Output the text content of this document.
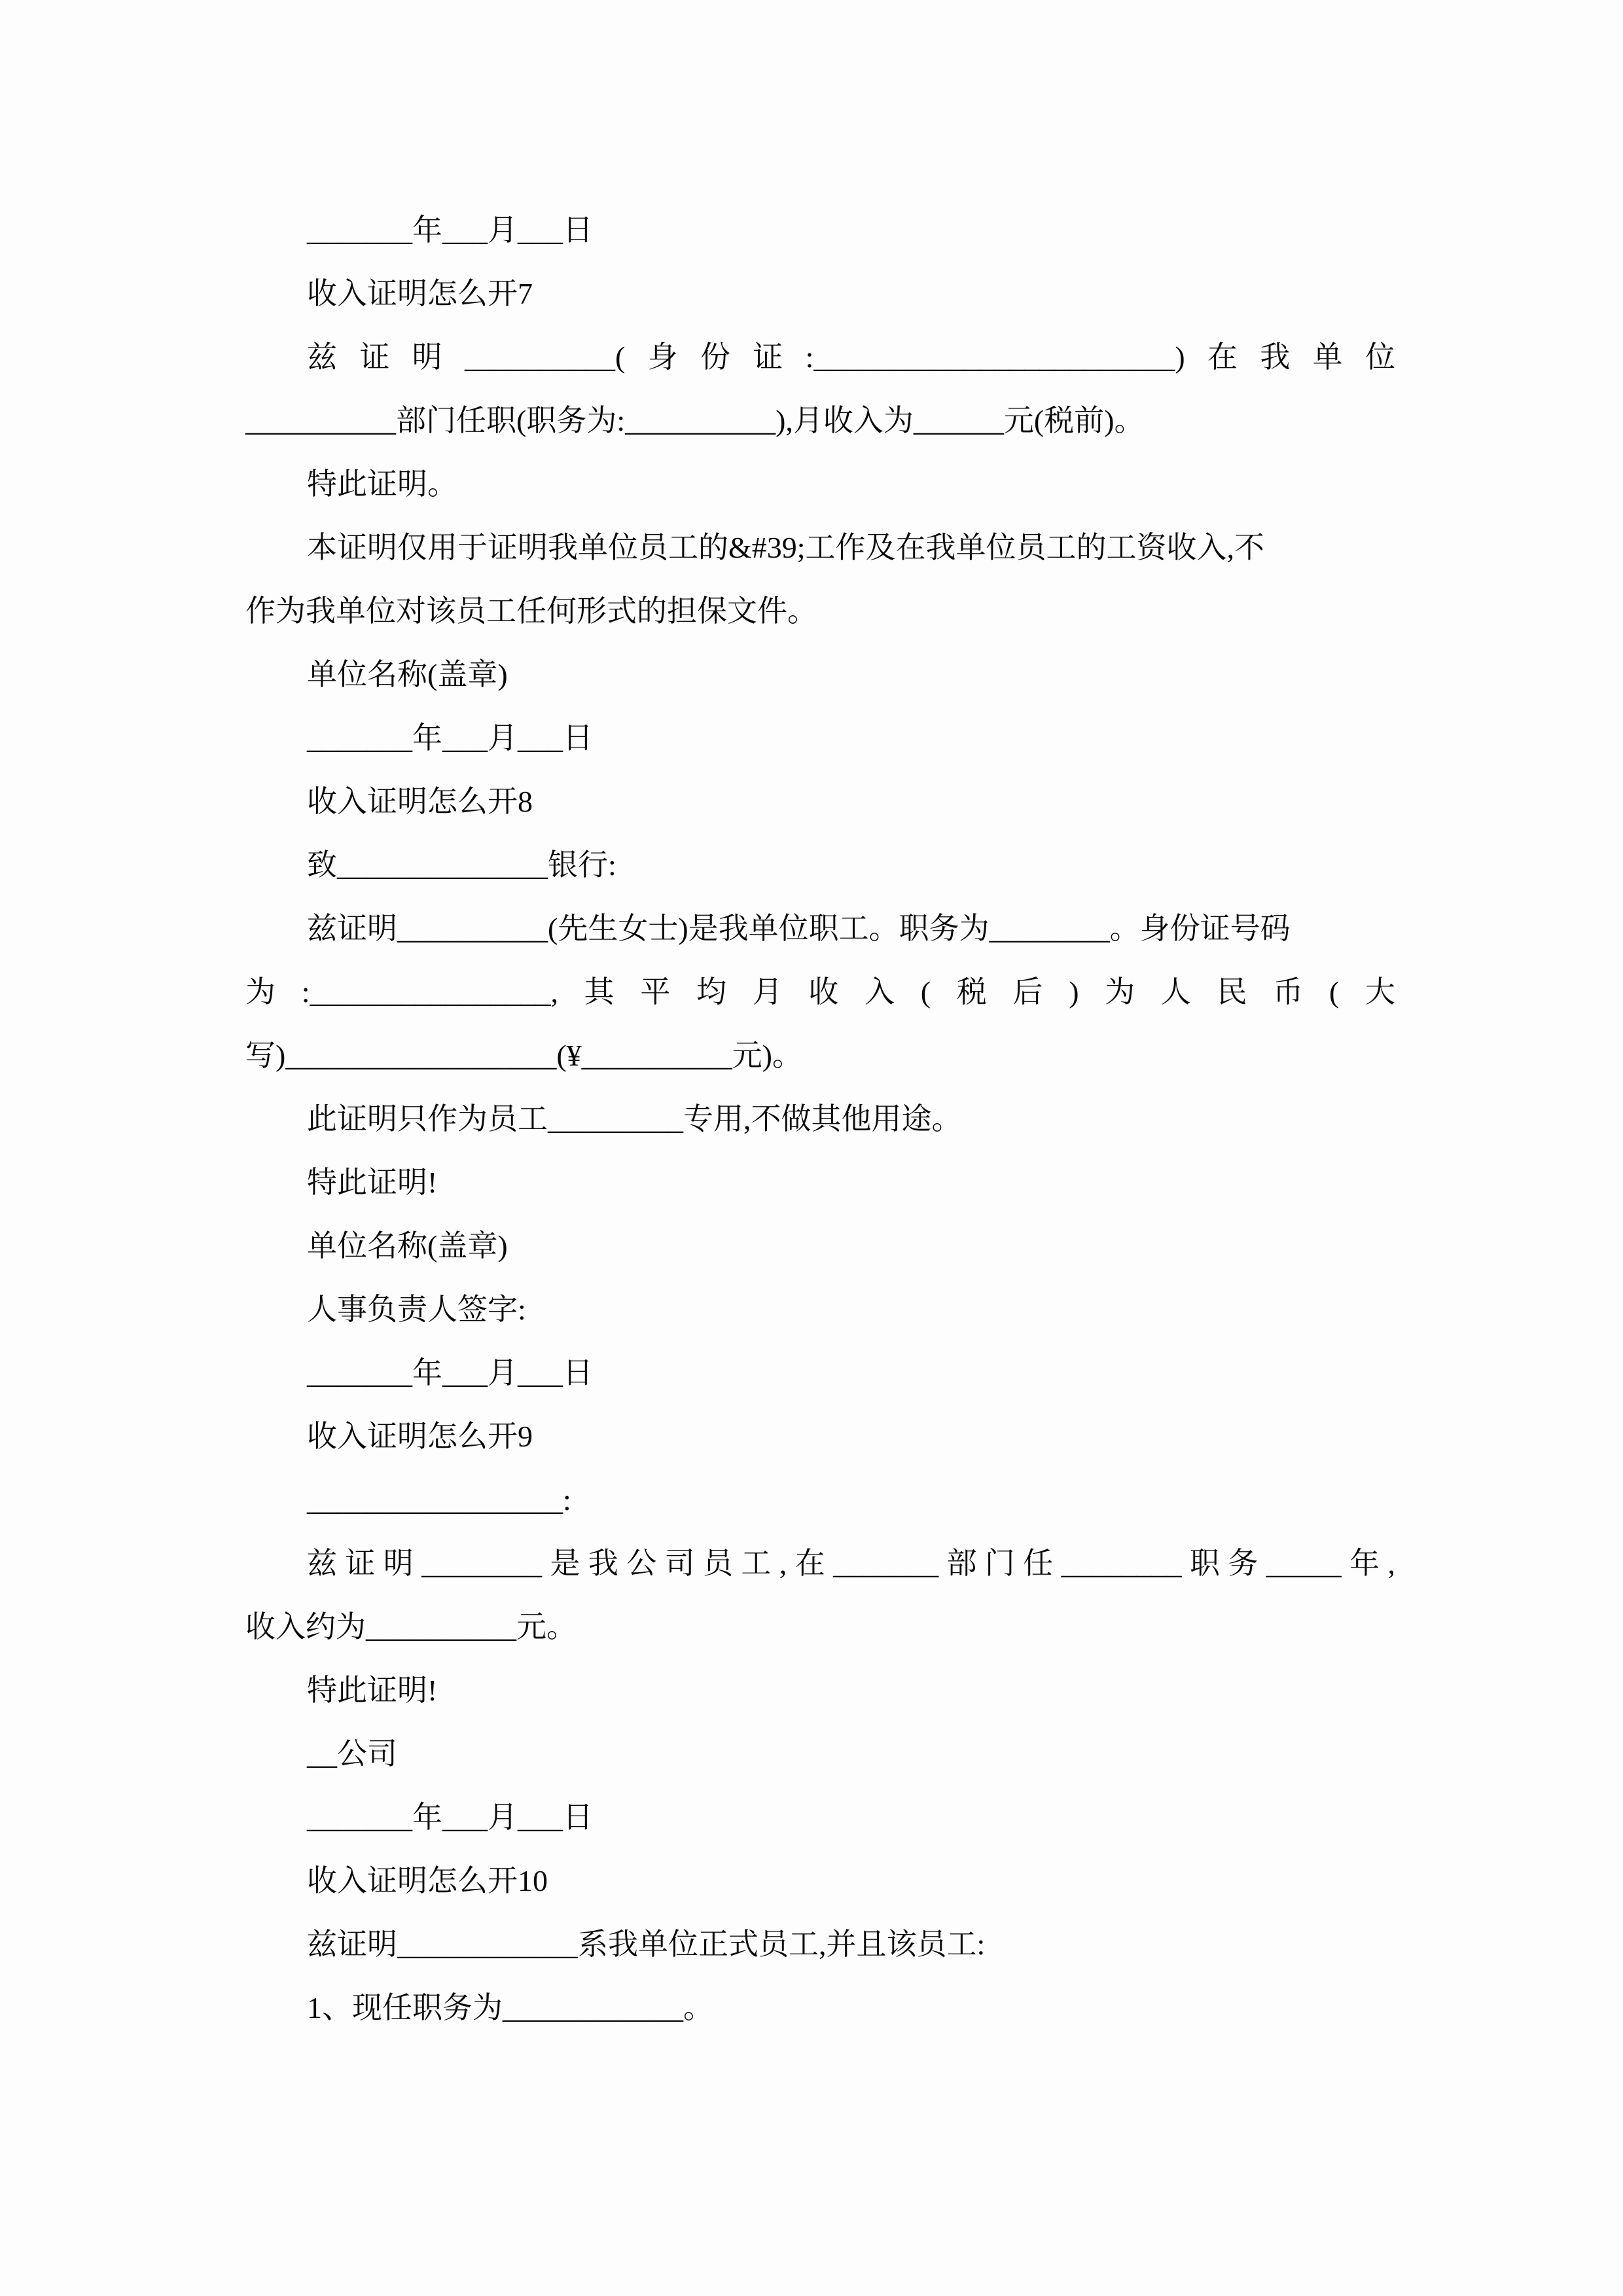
_______年___月___日
收入证明怎么开7
兹证明__________(身份证:________________________)在我单位
__________部门任职(职务为:__________),月收入为______元(税前)。
特此证明。
本证明仅用于证明我单位员工的&#39;工作及在我单位员工的工资收入,不
作为我单位对该员工任何形式的担保文件。
单位名称(盖章)
_______年___月___日
收入证明怎么开8
致______________银行:
兹证明__________(先生女士)是我单位职工。职务为________。身份证号码
为:________________,其平均月收入(税后)为人民币(大
写)__________________(¥__________元)。
此证明只作为员工_________专用,不做其他用途。
特此证明!
单位名称(盖章)
人事负责人签字:
_______年___月___日
收入证明怎么开9
_________________:
兹证明________是我公司员工,在_______部门任________职务_____年,
收入约为__________元。
特此证明!
__公司
_______年___月___日
收入证明怎么开10
兹证明____________系我单位正式员工,并且该员工:
1、现任职务为____________。
